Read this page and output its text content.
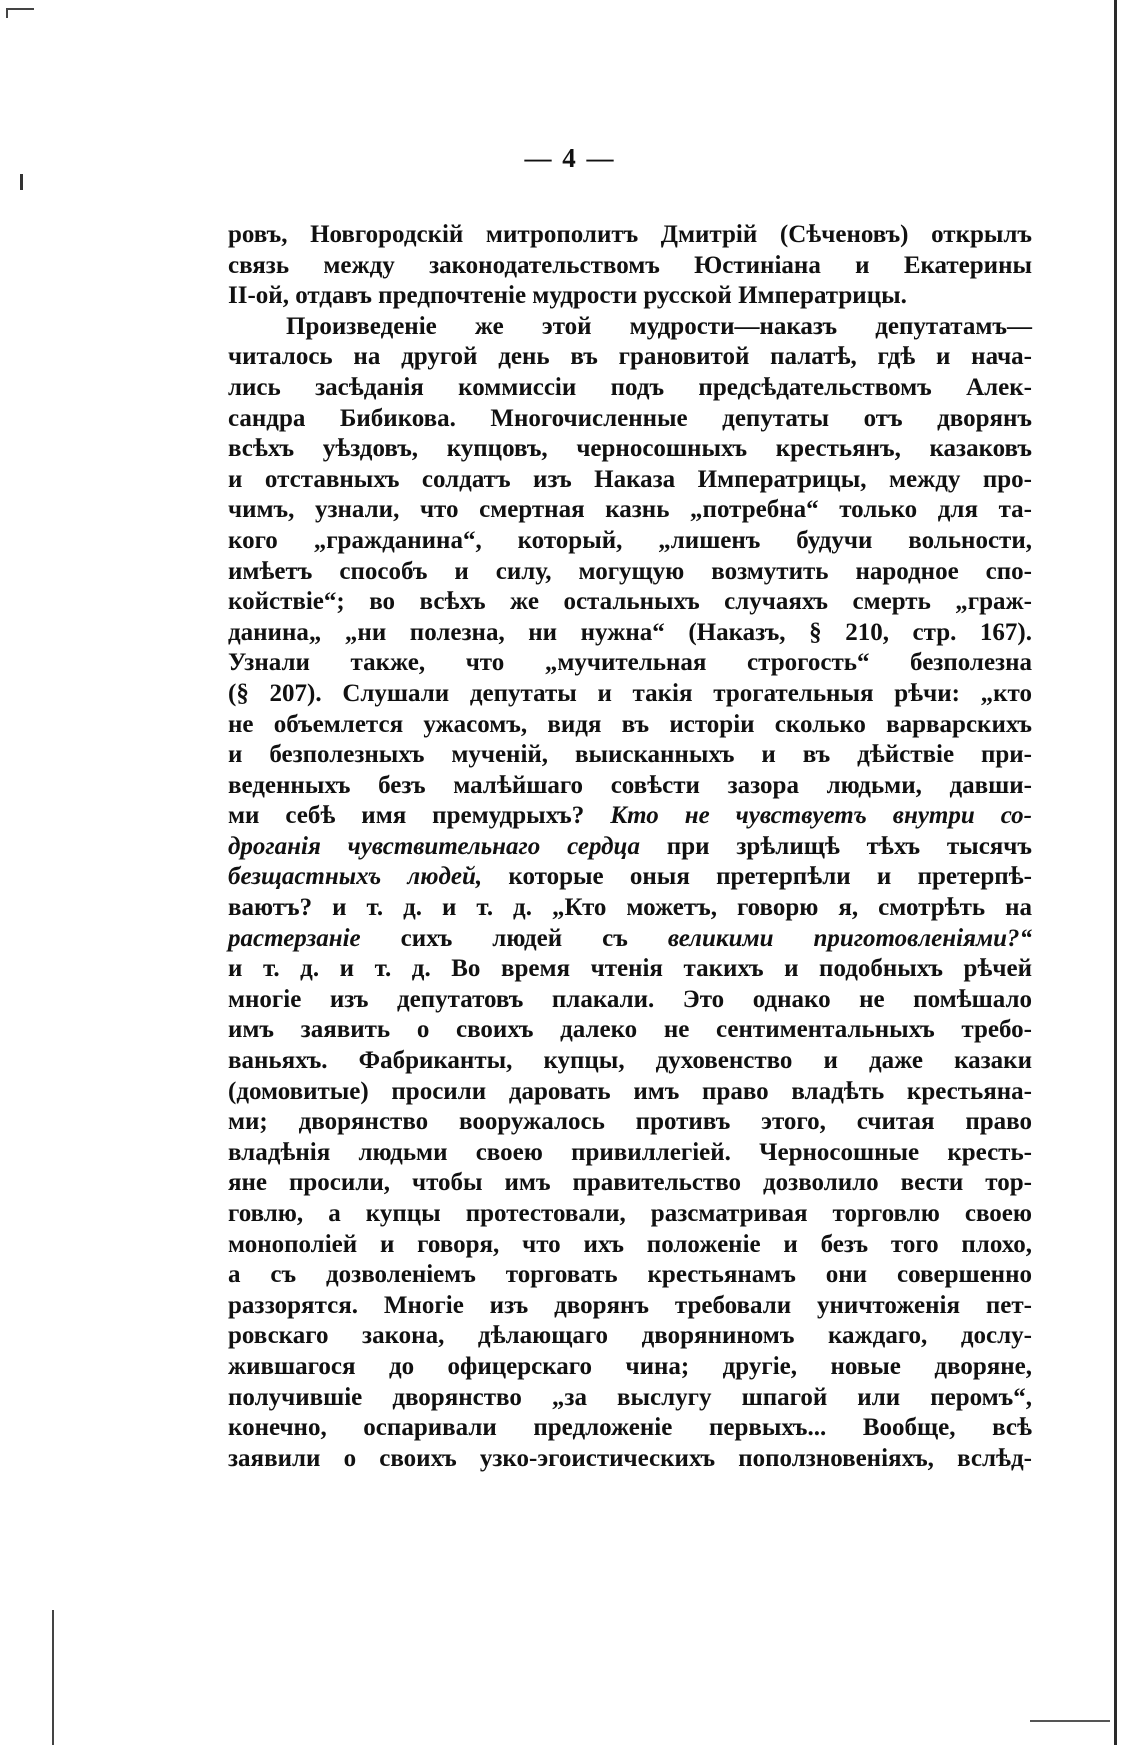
— 4 —
ровъ, Новгородскій митрополитъ Дмитрій (Сѣченовъ) открылъ
связь между законодательствомъ Юстиніана и Екатерины
II-ой, отдавъ предпочтеніе мудрости русской Императрицы.
Произведеніе же этой мудрости—наказъ депутатамъ—
читалось на другой день въ грановитой палатѣ, гдѣ и нача-
лись засѣданія коммиссіи подъ предсѣдательствомъ Алек-
сандра Бибикова. Многочисленные депутаты отъ дворянъ
всѣхъ уѣздовъ, купцовъ, черносошныхъ крестьянъ, казаковъ
и отставныхъ солдатъ изъ Наказа Императрицы, между про-
чимъ, узнали, что смертная казнь „потребна“ только для та-
кого „гражданина“, который, „лишенъ будучи вольности,
имѣетъ способъ и силу, могущую возмутить народное спо-
койствіе“; во всѣхъ же остальныхъ случаяхъ смерть „граж-
данина„ „ни полезна, ни нужна“ (Наказъ, § 210, стр. 167).
Узнали также, что „мучительная строгость“ безполезна
(§ 207). Слушали депутаты и такія трогательныя рѣчи: „кто
не объемлется ужасомъ, видя въ исторіи сколько варварскихъ
и безполезныхъ мученій, выисканныхъ и въ дѣйствіе при-
веденныхъ безъ малѣйшаго совѣсти зазора людьми, давши-
ми себѣ имя премудрыхъ? Кто не чувствуетъ внутри со-
дроганія чувствительнаго сердца при зрѣлищѣ тѣхъ тысячъ
безщастныхъ людей, которые оныя претерпѣли и претерпѣ-
ваютъ? и т. д. и т. д. „Кто можетъ, говорю я, смотрѣть на
растерзаніе сихъ людей съ великими приготовленіями?“
и т. д. и т. д. Во время чтенія такихъ и подобныхъ рѣчей
многіе изъ депутатовъ плакали. Это однако не помѣшало
имъ заявить о своихъ далеко не сентиментальныхъ требо-
ваньяхъ. Фабриканты, купцы, духовенство и даже казаки
(домовитые) просили даровать имъ право владѣть крестьяна-
ми; дворянство вооружалось противъ этого, считая право
владѣнія людьми своею привиллегіей. Черносошные кресть-
яне просили, чтобы имъ правительство дозволило вести тор-
говлю, а купцы протестовали, разсматривая торговлю своею
монополіей и говоря, что ихъ положеніе и безъ того плохо,
а съ дозволеніемъ торговать крестьянамъ они совершенно
раззорятся. Многіе изъ дворянъ требовали уничтоженія пет-
ровскаго закона, дѣлающаго дворяниномъ каждаго, дослу-
жившагося до офицерскаго чина; другіе, новые дворяне,
получившіе дворянство „за выслугу шпагой или перомъ“,
конечно, оспаривали предложеніе первыхъ... Вообще, всѣ
заявили о своихъ узко-эгоистическихъ поползновеніяхъ, вслѣд-
